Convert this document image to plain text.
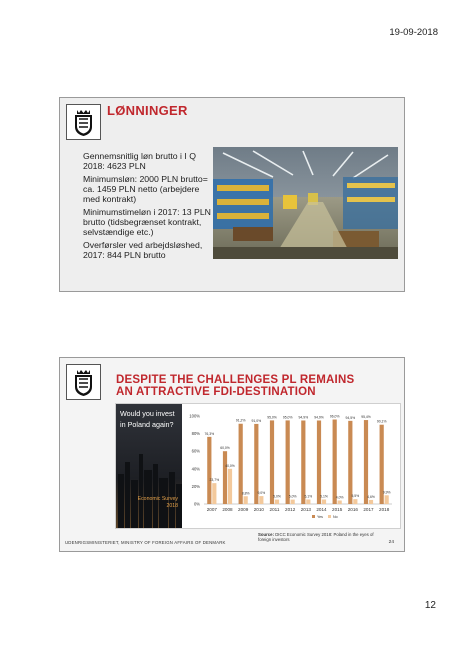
19-09-2018
LØNNINGER

Gennemsnitlig løn brutto i I Q 2018: 4623 PLN

Minimumsløn: 2000 PLN brutto= ca. 1459 PLN netto (arbejdere med kontrakt)

Minimumstimeløn i 2017: 13 PLN brutto (tidsbegrænset kontrakt, selvstændige etc.)

Overførsler ved arbejdsløshed, 2017: 844 PLN brutto

DESPITE THE CHALLENGES PL REMAINS
AN ATTRACTIVE FDI-DESTINATION
Would you invest in Poland again?
Economic Survey 2018	0%
20%
40%
60%
80%
100%
76,3%
23,7%
2007
60,0%
40,0%
2008
91,2%
8,8%
2009
91,0%
9,0%
2010
95,0%
5,0%
2011
95,0%
5,0%
2012
94,9%
5,1%
2013
94,9%
5,1%
2014
96,0%
4,0%
2015
94,5%
5,5%
2016
95,4%
4,6%
2017
90,1%
9,9%
2018
Yes	No
Source: DICC Economic Survey 2018: Poland in the eyes of foreign investors
UDENRIGSMINISTERIET, MINISTRY OF FOREIGN AFFAIRS OF DENMARK	24
12
